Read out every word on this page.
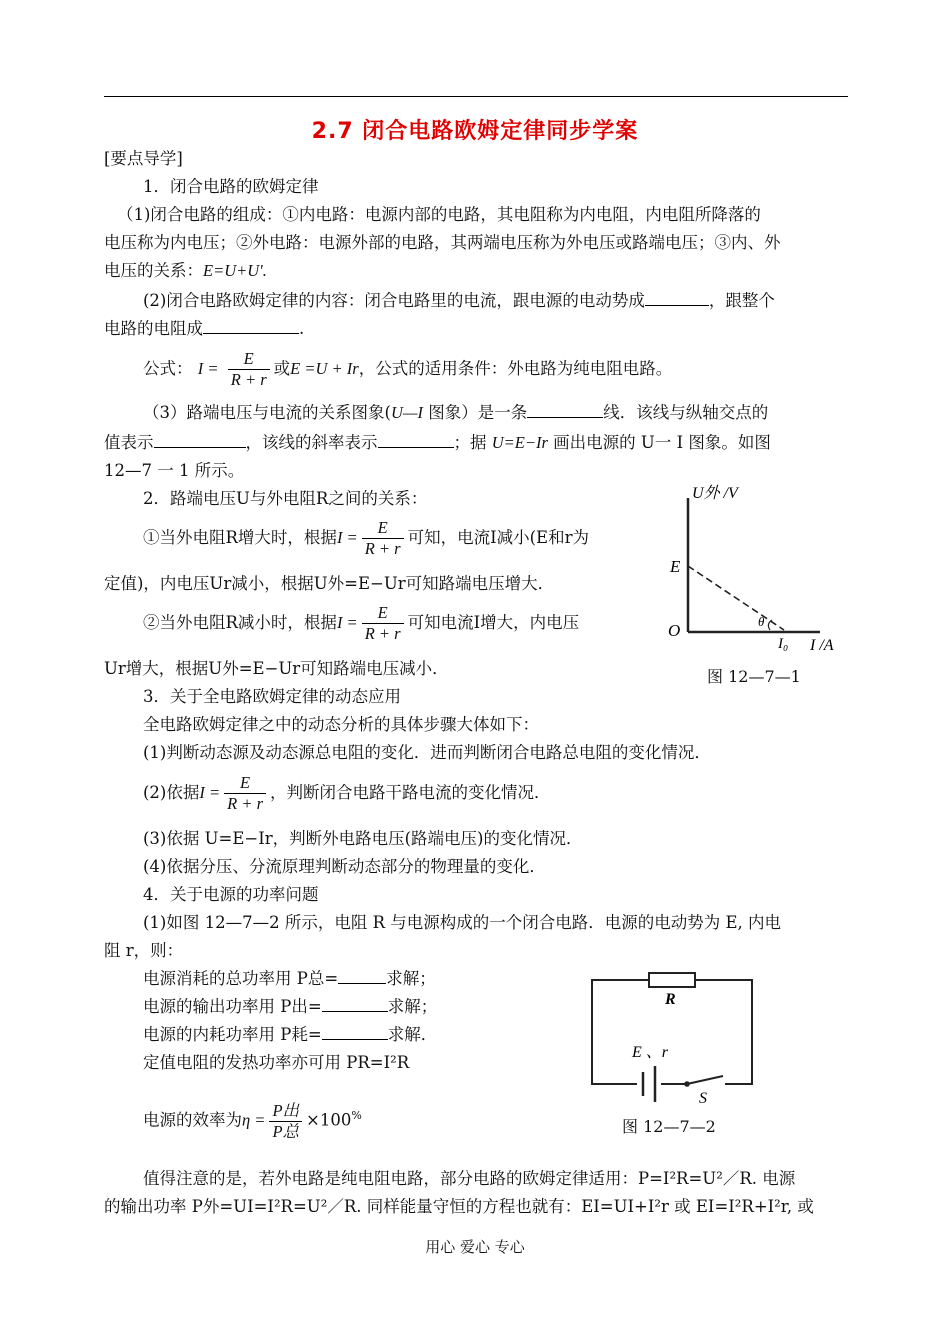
2.7 闭合电路欧姆定律同步学案
[要点导学]
1．闭合电路的欧姆定律
（1)闭合电路的组成：①内电路：电源内部的电路，其电阻称为内电阻，内电阻所降落的
电压称为内电压；②外电路：电源外部的电路，其两端电压称为外电压或路端电压；③内、外
电压的关系：E=U+U'.
(2)闭合电路欧姆定律的内容：闭合电路里的电流，跟电源的电动势成	，跟整个
电路的电阻成	.
公式： $I = \frac{E}{R + r}$ 或E =U + Ir，公式的适用条件：外电路为纯电阻电路。
（3）路端电压与电流的关系图象(U—I 图象）是一条	线．该线与纵轴交点的
值表示	，该线的斜率表示	；据 U=E−Ir 画出电源的 U一 I 图象。如图
12—7 一 1 所示。
2．路端电压U与外电阻R之间的关系：
①当外电阻R增大时，根据$I = \frac{E}{R + r}$ 可知，电流I减小(E和r为
定值)，内电压Ur减小，根据U外=E−Ur可知路端电压增大．
②当外电阻R减小时，根据$I = \frac{E}{R + r}$ 可知电流I增大，内电压
Ur增大，根据U外=E−Ur可知路端电压减小．
U外 /V
I /A
O
E
θ
I₀
图 12—7—1
3．关于全电路欧姆定律的动态应用
全电路欧姆定律之中的动态分析的具体步骤大体如下：
(1)判断动态源及动态源总电阻的变化．进而判断闭合电路总电阻的变化情况．
(2)依据$I = \frac{E}{R + r}$ ，判断闭合电路干路电流的变化情况．
(3)依据 U=E−Ir，判断外电路电压(路端电压)的变化情况．
(4)依据分压、分流原理判断动态部分的物理量的变化．
4．关于电源的功率问题
(1)如图 12—7—2 所示，电阻 R 与电源构成的一个闭合电路．电源的电动势为 E, 内电
阻 r，则：
电源消耗的总功率用 P总=	求解；
电源的输出功率用 P出=	求解；
电源的内耗功率用 P耗=	求解．
定值电阻的发热功率亦可用 PR=I²R
电源的效率为$\eta = \frac{\text{P出}}{\text{P总}} \times 100^{\%}$
R
E 、r
S
图 12—7—2
值得注意的是，若外电路是纯电阻电路，部分电路的欧姆定律适用：P=I²R=U²／R. 电源
的输出功率 P外=UI=I²R=U²／R. 同样能量守恒的方程也就有：EI=UI+I²r 或 EI=I²R+I²r, 或
用心 爱心 专心
